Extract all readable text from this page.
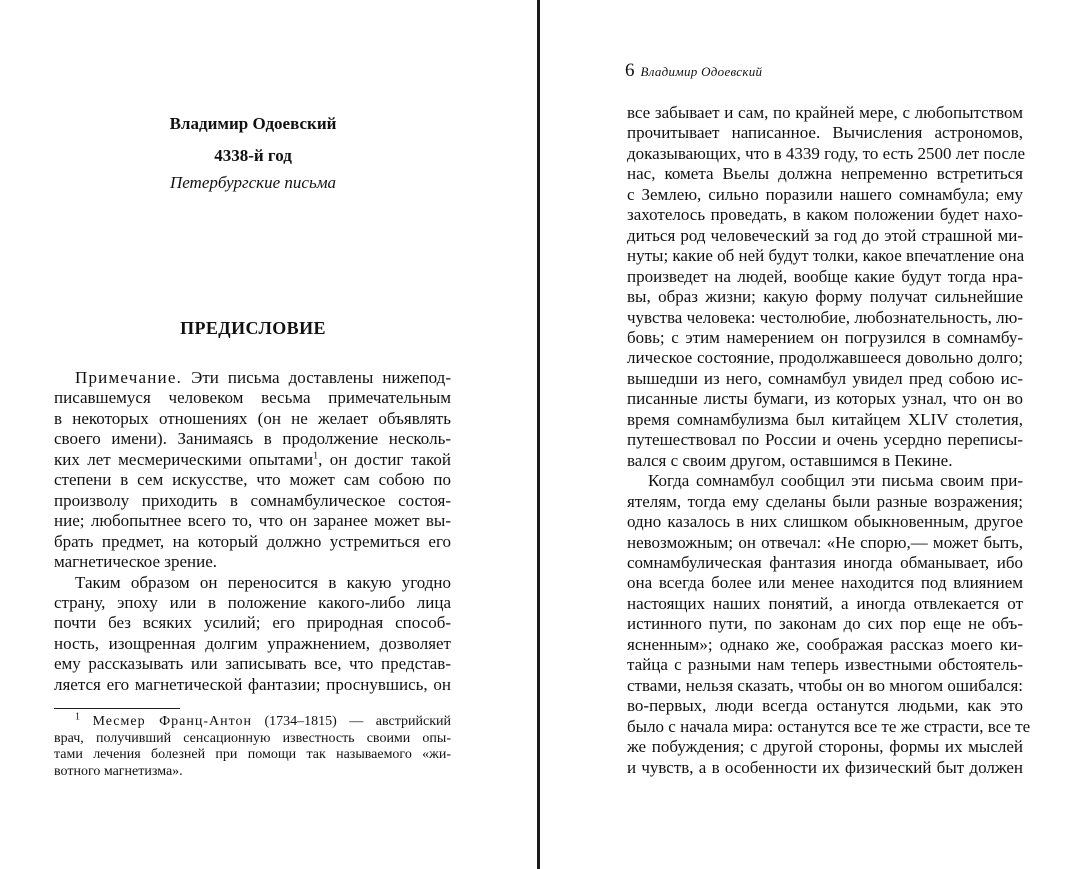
Владимир Одоевский
4338-й год
Петербургские письма
ПРЕДИСЛОВИЕ
Примечание. Эти письма доставлены нижепод-
писавшемуся человеком весьма примечательным
в некоторых отношениях (он не желает объявлять
своего имени). Занимаясь в продолжение несколь-
ких лет месмерическими опытами$^1$, он достиг такой
степени в сем искусстве, что может сам собою по
произволу приходить в сомнамбулическое состоя-
ние; любопытнее всего то, что он заранее может вы-
брать предмет, на который должно устремиться его
магнетическое зрение.
Таким образом он переносится в какую угодно
страну, эпоху или в положение какого-либо лица
почти без всяких усилий; его природная способ-
ность, изощренная долгим упражнением, дозволяет
ему рассказывать или записывать все, что представ-
ляется его магнетической фантазии; проснувшись, он
$^1$ Месмер Франц-Антон (1734–1815) — австрийский
врач, получивший сенсационную известность своими опы-
тами лечения болезней при помощи так называемого «жи-
вотного магнетизма».
6 Владимир Одоевский
все забывает и сам, по крайней мере, с любопытством
прочитывает написанное. Вычисления астрономов,
доказывающих, что в 4339 году, то есть 2500 лет после
нас, комета Вьелы должна непременно встретиться
с Землею, сильно поразили нашего сомнамбула; ему
захотелось проведать, в каком положении будет нахо-
диться род человеческий за год до этой страшной ми-
нуты; какие об ней будут толки, какое впечатление она
произведет на людей, вообще какие будут тогда нра-
вы, образ жизни; какую форму получат сильнейшие
чувства человека: честолюбие, любознательность, лю-
бовь; с этим намерением он погрузился в сомнамбу-
лическое состояние, продолжавшееся довольно долго;
вышедши из него, сомнамбул увидел пред собою ис-
писанные листы бумаги, из которых узнал, что он во
время сомнамбулизма был китайцем XLIV столетия,
путешествовал по России и очень усердно переписы-
вался с своим другом, оставшимся в Пекине.
Когда сомнамбул сообщил эти письма своим при-
ятелям, тогда ему сделаны были разные возражения;
одно казалось в них слишком обыкновенным, другое
невозможным; он отвечал: «Не спорю,— может быть,
сомнамбулическая фантазия иногда обманывает, ибо
она всегда более или менее находится под влиянием
настоящих наших понятий, а иногда отвлекается от
истинного пути, по законам до сих пор еще не объ-
ясненным»; однако же, соображая рассказ моего ки-
тайца с разными нам теперь известными обстоятель-
ствами, нельзя сказать, чтобы он во многом ошибался:
во-первых, люди всегда останутся людьми, как это
было с начала мира: останутся все те же страсти, все те
же побуждения; с другой стороны, формы их мыслей
и чувств, а в особенности их физический быт должен
